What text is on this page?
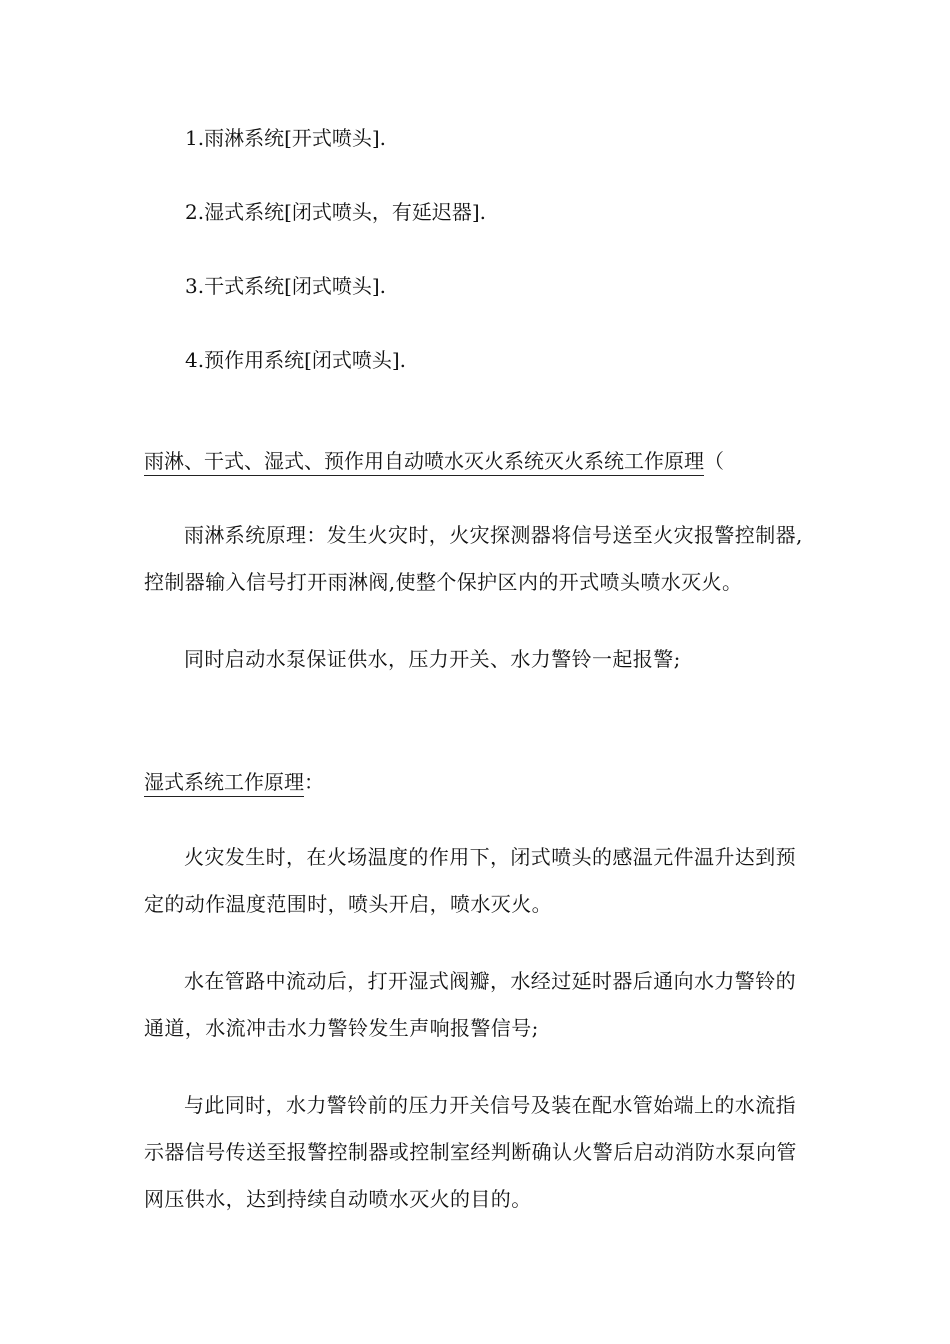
1.雨淋系统[开式喷头].
2.湿式系统[闭式喷头，有延迟器].
3.干式系统[闭式喷头].
4.预作用系统[闭式喷头].
雨淋、干式、湿式、预作用自动喷水灭火系统灭火系统工作原理（

雨淋系统原理：发生火灾时，火灾探测器将信号送至火灾报警控制器,控制器输入信号打开雨淋阀,使整个保护区内的开式喷头喷水灭火。

同时启动水泵保证供水，压力开关、水力警铃一起报警;

湿式系统工作原理：

火灾发生时，在火场温度的作用下，闭式喷头的感温元件温升达到预定的动作温度范围时，喷头开启，喷水灭火。

水在管路中流动后，打开湿式阀瓣，水经过延时器后通向水力警铃的通道，水流冲击水力警铃发生声响报警信号;

与此同时，水力警铃前的压力开关信号及装在配水管始端上的水流指示器信号传送至报警控制器或控制室经判断确认火警后启动消防水泵向管网压供水，达到持续自动喷水灭火的目的。
